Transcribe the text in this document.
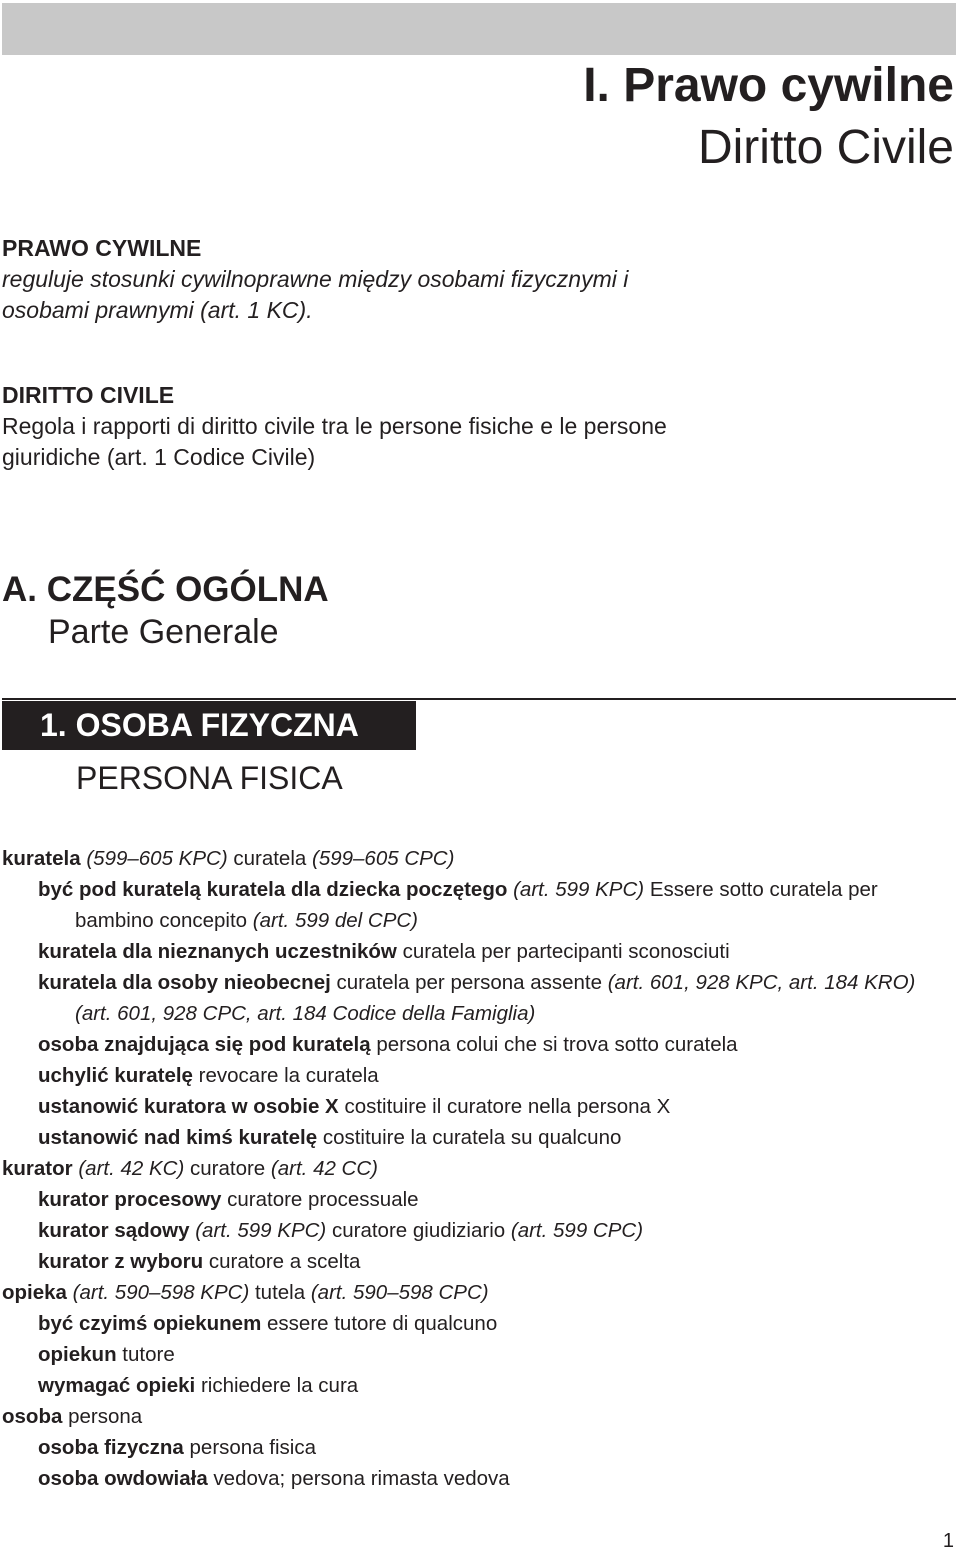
I. Prawo cywilne
Diritto Civile
PRAWO CYWILNE
reguluje stosunki cywilnoprawne między osobami fizycznymi i osobami prawnymi (art. 1 KC).
DIRITTO CIVILE
Regola i rapporti di diritto civile tra le persone fisiche e le persone giuridiche (art. 1 Codice Civile)
A. CZĘŚĆ OGÓLNA
Parte Generale
1. OSOBA FIZYCZNA
PERSONA FISICA

kuratela (599–605 KPC) curatela (599–605 CPC)

być pod kuratelą kuratela dla dziecka poczętego (art. 599 KPC) Essere sotto curatela per bambino concepito (art. 599 del CPC)

kuratela dla nieznanych uczestników curatela per partecipanti sconosciuti

kuratela dla osoby nieobecnej curatela per persona assente (art. 601, 928 KPC, art. 184 KRO) (art. 601, 928 CPC, art. 184 Codice della Famiglia)

osoba znajdująca się pod kuratelą persona colui che si trova sotto curatela

uchylić kuratelę revocare la curatela

ustanowić kuratora w osobie X costituire il curatore nella persona X

ustanowić nad kimś kuratelę costituire la curatela su qualcuno

kurator (art. 42 KC) curatore (art. 42 CC)

kurator procesowy curatore processuale

kurator sądowy (art. 599 KPC) curatore giudiziario (art. 599 CPC)

kurator z wyboru curatore a scelta

opieka (art. 590–598 KPC) tutela (art. 590–598 CPC)

być czyimś opiekunem essere tutore di qualcuno

opiekun tutore

wymagać opieki richiedere la cura

osoba persona

osoba fizyczna persona fisica

osoba owdowiała vedova; persona rimasta vedova

1
